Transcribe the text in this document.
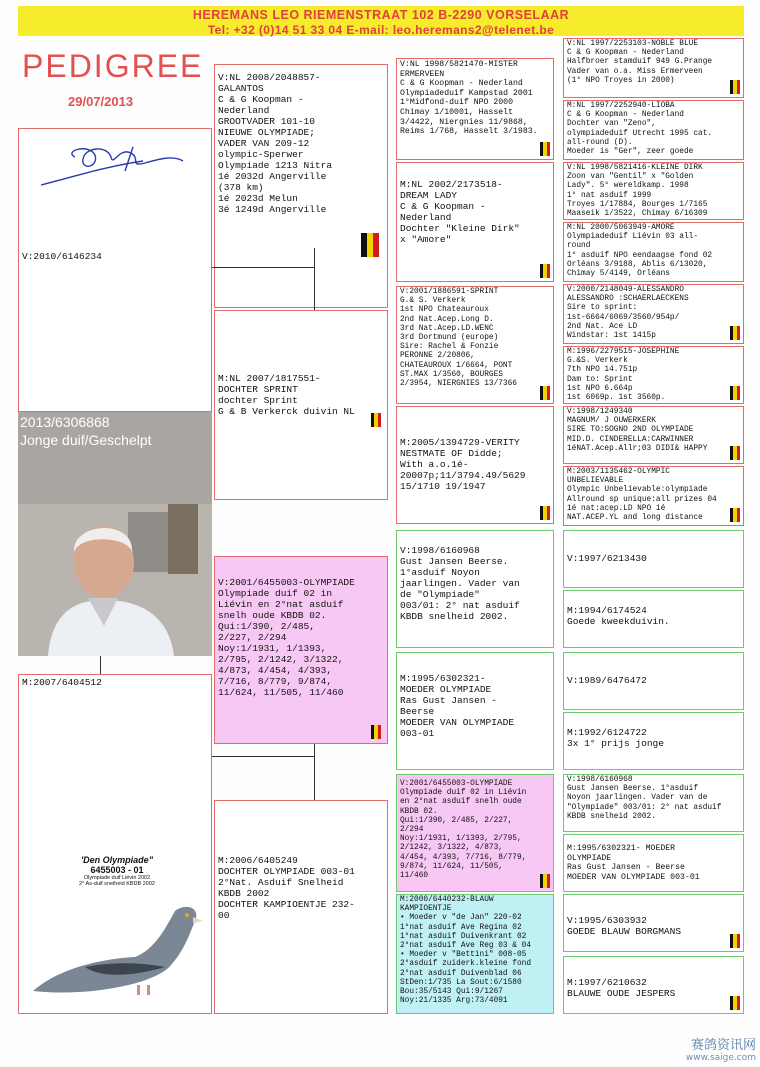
HEREMANS LEO RIEMENSTRAAT 102 B-2290 VORSELAAR
Tel: +32 (0)14 51 33 04 E-mail: leo.heremans2@telenet.be
PEDIGREE
29/07/2013
V:2010/6146234
2013/6306868
Jonge duif/Geschelpt
M:2007/6404512
'Den Olympiade"
6455003 - 01
Olympiade duif Liévin 2002
2° As-duif snelheid KBDB 2002
V:NL 2008/2048857-
GALANTOS
C & G Koopman -
Nederland
GROOTVADER 101-10
NIEUWE OLYMPIADE;
VADER VAN 209-12
olympic-Sperwer
Olympiade 1213 Nitra
1é 2032d Angerville
(378 km)
1é 2023d Melun
3é 1249d Angerville
M:NL 2007/1817551-
DOCHTER SPRINT
dochter Sprint
G & B Verkerck duivin NL
V:2001/6455003-OLYMPIADE
Olympiade duif 02 in
Liévin en 2°nat asduif
snelh oude KBDB 02.
Qui:1/390, 2/485,
2/227, 2/294
Noy:1/1931, 1/1393,
2/795, 2/1242, 3/1322,
4/873, 4/454, 4/393,
7/716, 8/779, 9/874,
11/624, 11/505, 11/460
M:2006/6405249
DOCHTER OLYMPIADE 003-01
2°Nat. Asduif Snelheid
KBDB 2002
DOCHTER KAMPIOENTJE 232-
00
V:NL 1998/5821470-MISTER
ERMERVEEN
C & G Koopman - Nederland
Olympiadeduif Kampstad 2001
1°Midfond-duif NPO 2000
Chimay 1/10001, Hasselt
3/4422, Niergnies 11/9868,
Reims 1/768, Hasselt 3/1983.
M:NL 2002/2173518-
DREAM LADY
C & G Koopman -
Nederland
Dochter "Kleine Dirk"
x "Amore"
V:2001/1886591-SPRINT
G.& S. Verkerk
1st NPO Chateauroux
2nd Nat.Acep.Long D.
3rd Nat.Acep.LD.WENC
3rd Dortmund (europe)
Sire: Rachel & Fonzie
PERONNE 2/20806,
CHATEAUROUX 1/6664, PONT
ST.MAX 1/3560, BOURGES
2/3954, NIERGNIES 13/7366
M:2005/1394729-VERITY
NESTMATE OF Didde;
With a.o.1é-
20007p;11/3794.49/5629
15/1710 19/1947
V:1998/6160968
Gust Jansen Beerse.
1°asduif Noyon
jaarlingen. Vader van
de "Olympiade"
003/01: 2° nat asduif
KBDB snelheid 2002.
M:1995/6302321-
MOEDER OLYMPIADE
Ras Gust Jansen -
Beerse
MOEDER VAN OLYMPIADE
003-01
V:2001/6455003-OLYMPIADE
Olympiade duif 02 in Liévin
en 2°nat asduif snelh oude
KBDB 02.
Qui:1/390, 2/485, 2/227,
2/294
Noy:1/1931, 1/1393, 2/795,
2/1242, 3/1322, 4/873,
4/454, 4/393, 7/716, 8/779,
9/874, 11/624, 11/505,
11/460
M:2000/6440232-BLAUW
KAMPIOENTJE
• Moeder v "de Jan" 220-02
1°nat asduif Ave Regina 02
1°nat asduif Duivenkrant 02
2°nat asduif Ave Reg 03 & 04
• Moeder v "Bettini" 008-05
2°asduif zuiderk.kleine fond
2°nat asduif Duivenblad 06
StDen:1/735 La Sout:6/1580
Bou:35/5143 Qui:9/1267
Noy:21/1335 Arg:73/4091
V:NL 1997/2253103-NOBLE BLUE
C & G Koopman - Nederland
Halfbroer stamduif 949 G.Prange
Vader van o.a. Miss Ermerveen
(1° NPO Troyes in 2000)
M:NL 1997/2252940-LIOBA
C & G Koopman - Nederland
Dochter van "Zeno",
olympiadeduif Utrecht 1995 cat.
all-round (D).
Moeder is "Ger", zeer goede
V:NL 1998/5821416-KLEINE DIRK
Zoon van "Gentil" x "Golden
Lady". 5° wereldkamp. 1998
1° nat asduif 1999
Troyes 1/17884, Bourges 1/7165
Maaseik 1/3522, Chimay 6/16309
M:NL 2000/5063949-AMORE
Olympiadeduif Liévin 03 all-
round
1° asduif NPO eendaagse fond 02
Orléans 3/9188, Ablis 6/13020,
Chimay 5/4149, Orléans
V:2000/2148049-ALESSANDRO
ALESSANDRO :SCHAERLAECKENS
Sire to sprint:
1st-6664/6069/3560/954p/
2nd Nat. Ace LD
Windstar: 1st 1415p
M:1996/2279515-JOSEPHINE
G.&S. Verkerk
7th NPO 14.751p
Dam to: Sprint
1st NPO 6.664p
1st 6069p. 1st 3560p.
V:1998/1249340
MAGNUM/ J OUWERKERK
SIRE TO:SOGNO 2ND OLYMPIADE
MID.D. CINDERELLA:CARWINNER
1éNAT.Acep.Allr;03 DIDI& HAPPY
M:2003/1135462-OLYMPIC
UNBELIEVABLE
Olympic Unbelievable:olympiade
Allround sp unique:all prizes 04
1é nat:acep.LD NPO 1é
NAT.ACEP.YL and long distance
V:1997/6213430
M:1994/6174524
Goede kweekduivin.
V:1989/6476472
M:1992/6124722
3x 1° prijs jonge
V:1998/6160968
Gust Jansen Beerse. 1°asduif
Noyon jaarlingen. Vader van de
"Olympiade" 003/01: 2° nat asduif
KBDB snelheid 2002.
M:1995/6302321- MOEDER
OLYMPIADE
Ras Gust Jansen - Beerse
MOEDER VAN OLYMPIADE 003-01
V:1995/6303932
GOEDE BLAUW BORGMANS
M:1997/6210632
BLAUWE OUDE JESPERS
赛鸽资讯网
www.saige.com
